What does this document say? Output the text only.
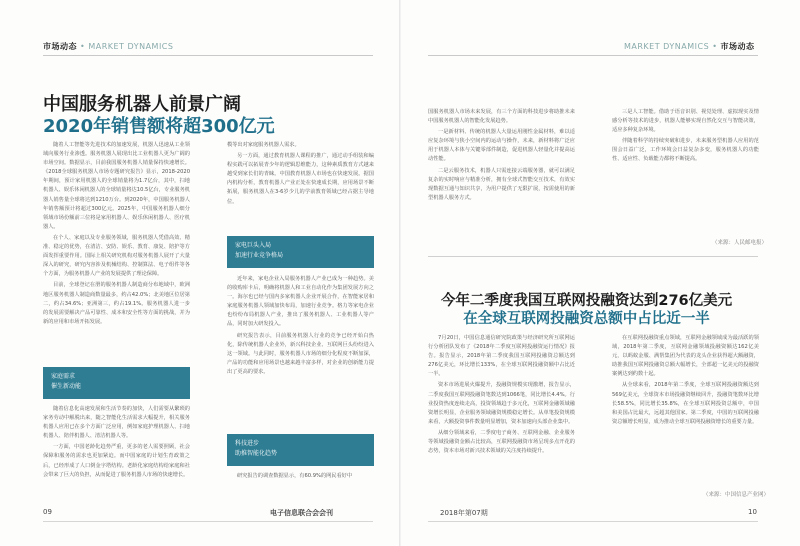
市场动态 • MARKET DYNAMICS
中国服务机器人前景广阔
2020年销售额将超300亿元

随着人工智能等先进技术的加速发展，机器人迅速从工业领域向服务行业渗透。服务机器人展现出比工业机器人更为广阔的市场空间。数据显示，目前我国服务机器人销量保持快速增长。《2018全球服务机器人市场专题研究报告》显示，2018-2020年期间，预计家用机器人的全球销量将为1.7亿台，其中，扫地机器人、娱乐休闲机器人的全球销量将达10.5亿台，专业服务机器人销售量全球将达到1210万台。到2020年，中国服务机器人年销售额预计将超过300亿元。2025年，中国服务机器人细分领域市场份额前三位将是家用机器人、娱乐休闲机器人、医疗机器人。

在个人、家庭以及专业服务领域，服务机器人凭借高效、精准、稳定的优势，在清洁、安防、娱乐、教育、康复、陪护等方面发挥重要作用。国际上相关研究机构对服务机器人展开了大量深入的研究，研究内容涉及机械结构、控制算法、电子组件等各个方面，为服务机器人产业的发展提供了理论保障。

目前，全球登记在册的服务机器人制造商分布地域中，欧洲地区服务机器人制造商数量最多，约占42.0%；北美地区位居第二，约占34.6%；亚洲第三，约占19.1%。服务机器人进一步的发展需要解决产品可靠性、成本和安全性等方面的挑战，并为新的应用和市场开拓发展。

家庭需求
催生新动能

随着信息化高速发展和生活节奏的加快，人们需要从繁琐的家务劳动中解脱出来，随之智能化生活需求大幅提升，相关服务机器人应用已在多个方面广泛应用，例如家庭护理机器人、扫地机器人、陪伴机器人、清洁机器人等。

一方面，中国老龄化趋势严重，更多的老人需要照顾，社会保障和服务的需求也更加紧迫。而中国家庭的计划生育政策之后，已经形成了人口倒金字塔结构。老龄化家庭结构给家庭和社会带来了巨大的负担，从而促进了服务机器人市场的快速增长。

模等出对家庭服务机器人需求。

另一方面，通过教育机器人课程的推广，通过动手组装和编程实践可以拓展青少年的逻辑思维能力，这种素质教育方式越来越受到家长们的青睐。中国教育机器人市场也在快速发展。据国内机构分析，教育机器人产业正处在快速成长期，应用场景不断拓展，服务机器人在3-6岁少儿的学前教育领域已经占据主导地位。

家电巨头入局
加速行业竞争格局

近年来，家电企业入局服务机器人产业已成为一种趋势。美的收购库卡后，明确将机器人和工业自动化作为集团发展方向之一。海尔也已经与国内多家机器人企业开展合作，在智能家居和家庭服务机器人领域加快布局，加速行业竞争。格力等家电企业也纷纷布局机器人产业，推出了服务机器人、工业机器人等产品，同时加大研发投入。

研究报告表示，目前服务机器人行业的竞争已经开始白热化，除传统机器人企业外，新兴科技企业、互联网巨头纷纷进入这一领域。与此同时，服务机器人市场的细分化程度不断加深，产品的功能和应用场景也越来越丰富多样，对企业的创新能力提出了更高的要求。

科技进步
助推智能化趋势

研究报告的调查数据显示，有60.9%的网民看好中

09	电子信息联合会会刊
MARKET DYNAMICS • 市场动态

国服务机器人市场未来发展，有三个方面的科技进步将助推未来中国服务机器人的智能化发展趋势。

一是新材料、传统的机器人大量运用刚性金属材料，难以适应复杂环境与狭小空间内的运动与操作，未来，新材料将广泛应用于机器人本体与关键零部件制造，促进机器人轻量化并提高运动性能。

二是云服务技术，机器人只需连接云端服务器，就可以满足复杂的实时响应与精准分析，拥有全球式智能交互技术，有效实现数据互通与知识共享，为用户提供了无限扩展，按需使用的新型机器人服务方式。

三是人工智能。借助于语音识别、视觉处理、虚拟现实及情感分析等技术的进步，机器人能够实现自然化交互与智能决策，适应多种复杂环境。

伴随着科学的持续突破和进步，未来服务型机器人应用的范围会日益广泛，工作环境会日益复杂多变，服务机器人的功能性、适应性、负载能力都将不断提高。

（来源：人民邮电报）
今年二季度我国互联网投融资达到276亿美元
在全球互联网投融资总额中占比近一半

7月20日，中国信息通信研究院政策与经济研究所互联网运行分析团队发布了《2018年二季度互联网投融资运行情况》报告。报告显示，2018年第二季度我国互联网投融资总额达到276亿美元，环比增长133%，在全球互联网投融资额中占比近一半。

资本市场进展火爆提升，投融资规模实现激增，报告显示，二季度我国互联网投融资笔数达到1066笔，同比增长4.4%。行业投资热度连续走高，投资领域趋于多元化，互联网金融领域融资增长明显，企业服务领域融资规模稳定增长。从单笔投资规模来看，大额投资事件数量明显增加，资本加速向头部企业集中。

从细分领域来看，二季度电子商务、互联网金融、企业服务等领域投融资金额占比较高，互联网投融资市场呈现多点开花的态势，资本市场对新兴技术领域的关注度持续提升。

在互联网投融资重点领域，互联网金融领域成为最活跃的领域，2018年第二季度，互联网金融领域投融资额达162亿美元，以蚂蚁金服、满帮集团为代表的龙头企业获得超大额融资，助推我国互联网投融资总额大幅增长，全部超一亿美元的投融资案例达到约数十起。

从全球来看，2018年第二季度，全球互联网投融资额达到569亿美元，全球资本市场投融资继续回升，投融资笔数环比增长58.5%，同比增长35.8%，在全球互联网投资总额中，中国和美国占比最大，远超其他国家。第二季度，中国的互联网投融资总额增长明显，成为推动全球互联网投融资增长的重要力量。

（来源：中国信息产业网）
2018年第07期	10
